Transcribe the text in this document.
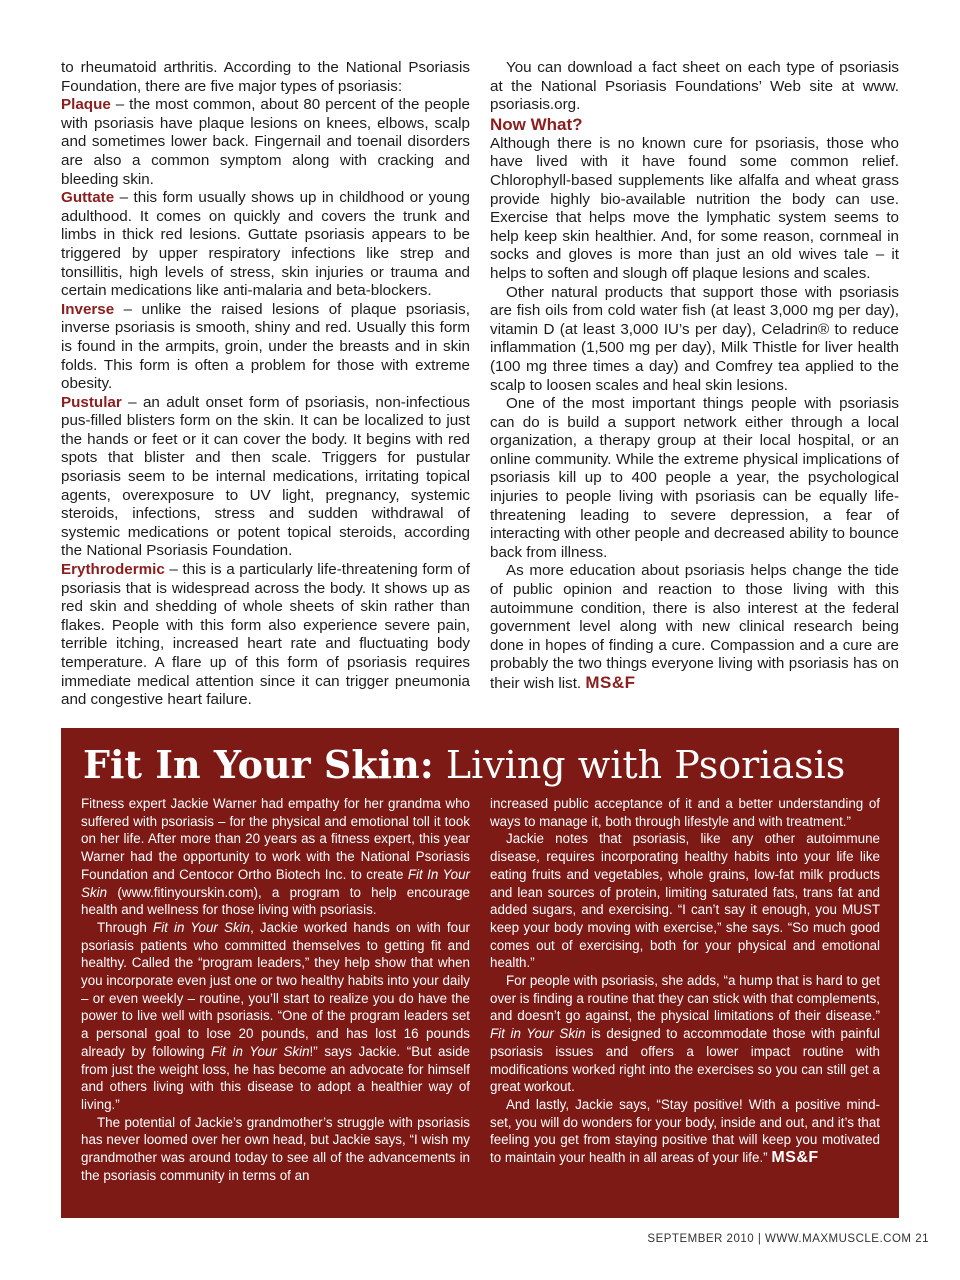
to rheumatoid arthritis. According to the National Psoriasis Foundation, there are five major types of psoriasis:

Plaque – the most common, about 80 percent of the people with psoriasis have plaque lesions on knees, elbows, scalp and sometimes lower back. Fingernail and toenail disorders are also a common symptom along with cracking and bleeding skin.

Guttate – this form usually shows up in childhood or young adulthood. It comes on quickly and covers the trunk and limbs in thick red lesions. Guttate psoriasis appears to be triggered by upper respiratory infections like strep and tonsillitis, high levels of stress, skin injuries or trauma and certain medications like anti-malaria and beta-blockers.

Inverse – unlike the raised lesions of plaque psoriasis, inverse psoriasis is smooth, shiny and red. Usually this form is found in the armpits, groin, under the breasts and in skin folds. This form is often a problem for those with extreme obesity.

Pustular – an adult onset form of psoriasis, non-infectious pus-filled blisters form on the skin. It can be localized to just the hands or feet or it can cover the body. It begins with red spots that blister and then scale. Triggers for pustular psoriasis seem to be internal medications, irritating topical agents, overexposure to UV light, pregnancy, systemic steroids, infections, stress and sudden withdrawal of systemic medications or potent topical steroids, according the National Psoriasis Foundation.

Erythrodermic – this is a particularly life-threatening form of psoriasis that is widespread across the body. It shows up as red skin and shedding of whole sheets of skin rather than flakes. People with this form also experience severe pain, terrible itching, increased heart rate and fluctuating body temperature. A flare up of this form of psoriasis requires immediate medical attention since it can trigger pneumonia and congestive heart failure.

You can download a fact sheet on each type of psoriasis at the National Psoriasis Foundations’ Web site at www. psoriasis.org.

Now What?

Although there is no known cure for psoriasis, those who have lived with it have found some common relief. Chlorophyll-based supplements like alfalfa and wheat grass provide highly bio-available nutrition the body can use. Exercise that helps move the lymphatic system seems to help keep skin healthier. And, for some reason, cornmeal in socks and gloves is more than just an old wives tale – it helps to soften and slough off plaque lesions and scales.

Other natural products that support those with psoriasis are fish oils from cold water fish (at least 3,000 mg per day), vitamin D (at least 3,000 IU’s per day), Celadrin® to reduce inflammation (1,500 mg per day), Milk Thistle for liver health (100 mg three times a day) and Comfrey tea applied to the scalp to loosen scales and heal skin lesions.

One of the most important things people with psoriasis can do is build a support network either through a local organization, a therapy group at their local hospital, or an online community. While the extreme physical implications of psoriasis kill up to 400 people a year, the psychological injuries to people living with psoriasis can be equally life-threatening leading to severe depression, a fear of interacting with other people and decreased ability to bounce back from illness.

As more education about psoriasis helps change the tide of public opinion and reaction to those living with this autoimmune condition, there is also interest at the federal government level along with new clinical research being done in hopes of finding a cure. Compassion and a cure are probably the two things everyone living with psoriasis has on their wish list. MS&F

Fit In Your Skin: Living with Psoriasis

Fitness expert Jackie Warner had empathy for her grandma who suffered with psoriasis – for the physical and emotional toll it took on her life. After more than 20 years as a fitness expert, this year Warner had the opportunity to work with the National Psoriasis Foundation and Centocor Ortho Biotech Inc. to create Fit In Your Skin (www.fitinyourskin.com), a program to help encourage health and wellness for those living with psoriasis.

Through Fit in Your Skin, Jackie worked hands on with four psoriasis patients who committed themselves to getting fit and healthy. Called the “program leaders,” they help show that when you incorporate even just one or two healthy habits into your daily – or even weekly – routine, you’ll start to realize you do have the power to live well with psoriasis. “One of the program leaders set a personal goal to lose 20 pounds, and has lost 16 pounds already by following Fit in Your Skin!” says Jackie. “But aside from just the weight loss, he has become an advocate for himself and others living with this disease to adopt a healthier way of living.”

The potential of Jackie’s grandmother’s struggle with psoriasis has never loomed over her own head, but Jackie says, “I wish my grandmother was around today to see all of the advancements in the psoriasis community in terms of an

increased public acceptance of it and a better understanding of ways to manage it, both through lifestyle and with treatment.”

Jackie notes that psoriasis, like any other autoimmune disease, requires incorporating healthy habits into your life like eating fruits and vegetables, whole grains, low-fat milk products and lean sources of protein, limiting saturated fats, trans fat and added sugars, and exercising. “I can’t say it enough, you MUST keep your body moving with exercise,” she says. “So much good comes out of exercising, both for your physical and emotional health.”

For people with psoriasis, she adds, “a hump that is hard to get over is finding a routine that they can stick with that complements, and doesn’t go against, the physical limitations of their disease.” Fit in Your Skin is designed to accommodate those with painful psoriasis issues and offers a lower impact routine with modifications worked right into the exercises so you can still get a great workout.

And lastly, Jackie says, “Stay positive! With a positive mind-set, you will do wonders for your body, inside and out, and it’s that feeling you get from staying positive that will keep you motivated to maintain your health in all areas of your life.” MS&F

SEPTEMBER 2010 | WWW.MAXMUSCLE.COM 21
